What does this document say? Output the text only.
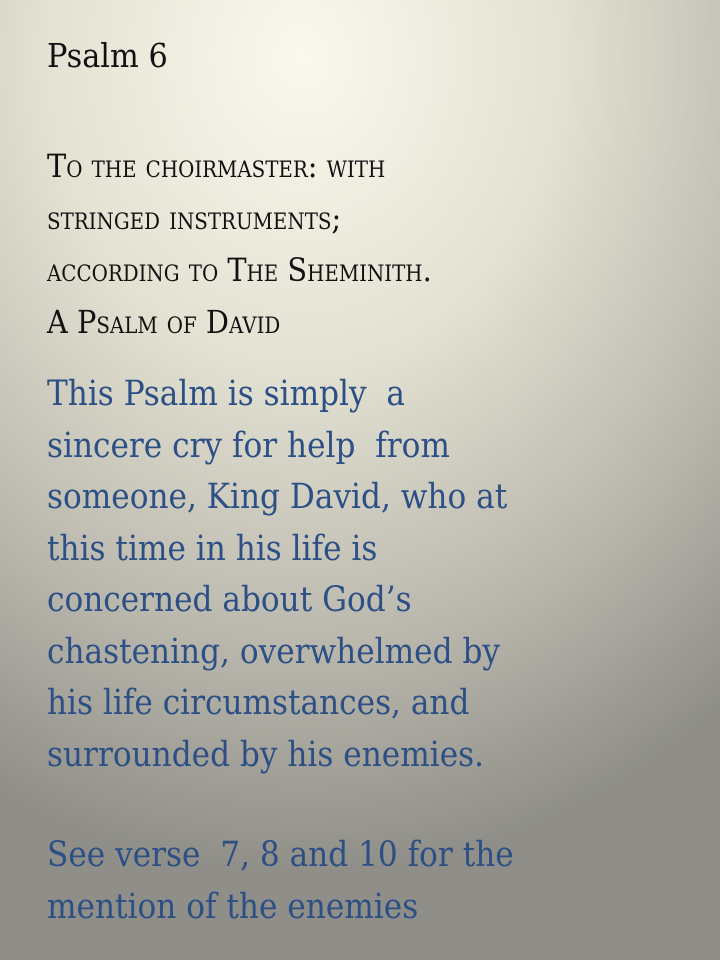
Psalm 6
To the choirmaster: with
stringed instruments;
according to The Sheminith.
A Psalm of David
This Psalm is simply  a
sincere cry for help  from
someone, King David, who at
this time in his life is
concerned about God’s
chastening, overwhelmed by
his life circumstances, and
surrounded by his enemies.
See verse  7, 8 and 10 for the
mention of the enemies
